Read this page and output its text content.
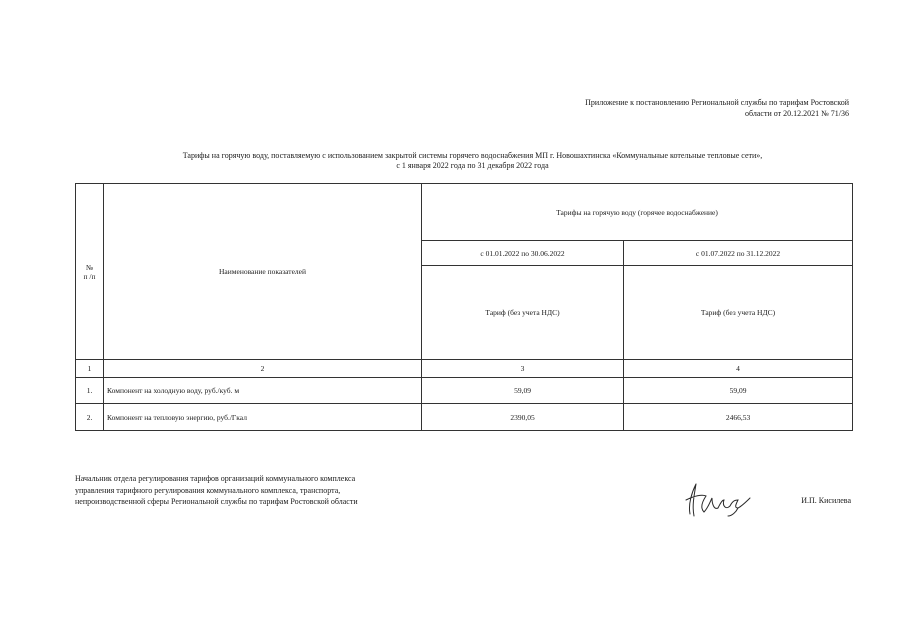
Приложение к постановлению Региональной службы по тарифам Ростовской
области от 20.12.2021 № 71/36
Тарифы на горячую воду, поставляемую с использованием закрытой системы горячего водоснабжения МП г. Новошахтинска «Коммунальные котельные тепловые сети»,
с 1 января 2022 года по 31 декабря 2022 года
№
п /п	Наименование показателей	Тарифы на горячую воду (горячее водоснабжение)	
		с 01.01.2022 по 30.06.2022	с 01.07.2022 по 31.12.2022
		Тариф (без учета НДС)	Тариф (без учета НДС)
1	2	3	4
1.	Компонент на холодную воду, руб./куб. м	59,09	59,09
2.	Компонент на тепловую энергию, руб./Гкал	2390,05	2466,53
Начальник отдела регулирования тарифов организаций коммунального комплекса
управления тарифного регулирования коммунального комплекса, транспорта,
непроизводственной сферы Региональной службы по тарифам Ростовской области	И.П. Кисилева
